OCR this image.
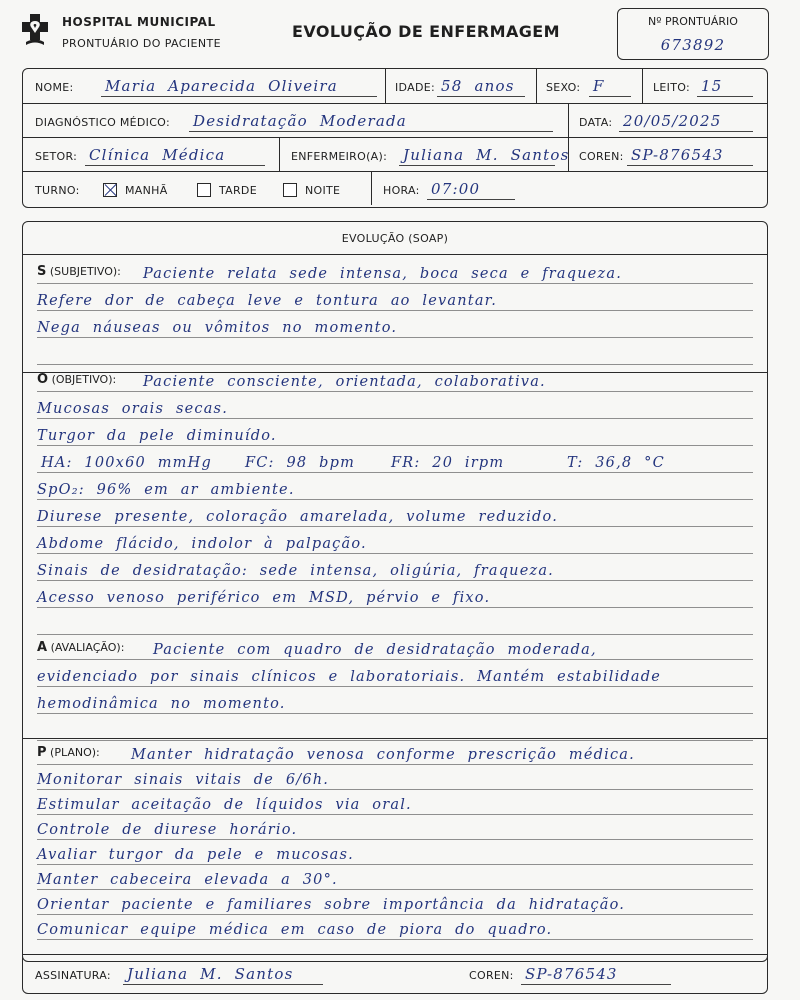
HOSPITAL MUNICIPAL
PRONTUÁRIO DO PACIENTE
EVOLUÇÃO DE ENFERMAGEM
Nº PRONTUÁRIO
673892
NOME: Maria Aparecida Oliveira	IDADE: 58 anos	SEXO: F	LEITO: 15
DIAGNÓSTICO MÉDICO: Desidratação Moderada	DATA: 20/05/2025
SETOR: Clínica Médica	ENFERMEIRO(A): Juliana M. Santos COREN: SP-876543
TURNO:	MANHÃ	TARDE	NOITE	HORA: 07:00
EVOLUÇÃO (SOAP)
S (SUBJETIVO): Paciente relata sede intensa, boca seca e fraqueza.
Refere dor de cabeça leve e tontura ao levantar.
Nega náuseas ou vômitos no momento.
O (OBJETIVO): Paciente consciente, orientada, colaborativa.
Mucosas orais secas.
Turgor da pele diminuído.
HA: 100x60 mmHg FC: 98 bpm FR: 20 irpm	T: 36,8 °C
SpO₂: 96% em ar ambiente.
Diurese presente, coloração amarelada, volume reduzido.
Abdome flácido, indolor à palpação.
Sinais de desidratação: sede intensa, oligúria, fraqueza.
Acesso venoso periférico em MSD, pérvio e fixo.
A (AVALIAÇÃO): Paciente com quadro de desidratação moderada,
evidenciado por sinais clínicos e laboratoriais. Mantém estabilidade
hemodinâmica no momento.
P (PLANO): Manter hidratação venosa conforme prescrição médica.
Monitorar sinais vitais de 6/6h.
Estimular aceitação de líquidos via oral.
Controle de diurese horário.
Avaliar turgor da pele e mucosas.
Manter cabeceira elevada a 30°.
Orientar paciente e familiares sobre importância da hidratação.
Comunicar equipe médica em caso de piora do quadro.
ASSINATURA: Juliana M. Santos	COREN: SP-876543
